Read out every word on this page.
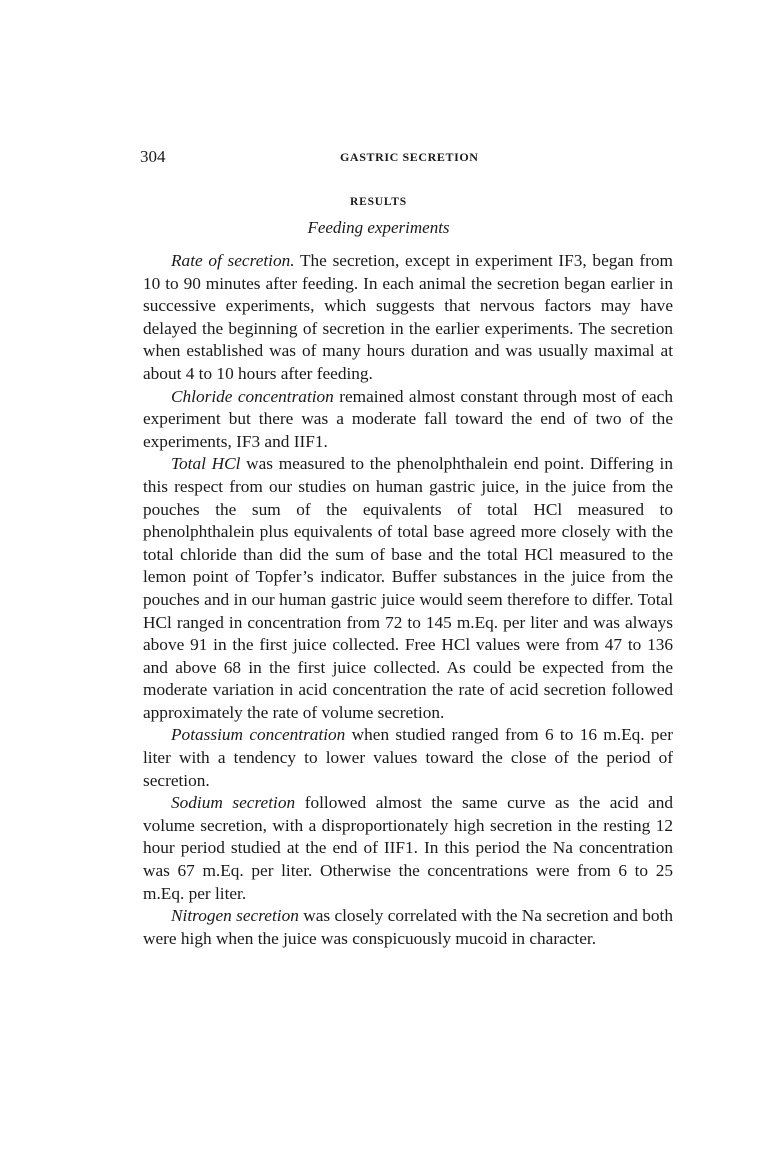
304	GASTRIC SECRETION
RESULTS
Feeding experiments

Rate of secretion. The secretion, except in experiment IF3, began from 10 to 90 minutes after feeding. In each animal the secretion began earlier in successive experiments, which suggests that nervous factors may have delayed the beginning of secretion in the earlier experiments. The secretion when established was of many hours duration and was usually maximal at about 4 to 10 hours after feeding.

Chloride concentration remained almost constant through most of each experiment but there was a moderate fall toward the end of two of the experiments, IF3 and IIF1.

Total HCl was measured to the phenolphthalein end point. Differing in this respect from our studies on human gastric juice, in the juice from the pouches the sum of the equivalents of total HCl measured to phenolphthalein plus equivalents of total base agreed more closely with the total chloride than did the sum of base and the total HCl measured to the lemon point of Topfer’s indicator. Buffer substances in the juice from the pouches and in our human gastric juice would seem therefore to differ. Total HCl ranged in concentration from 72 to 145 m.Eq. per liter and was always above 91 in the first juice collected. Free HCl values were from 47 to 136 and above 68 in the first juice collected. As could be expected from the moderate variation in acid concentration the rate of acid secretion followed approximately the rate of volume secretion.

Potassium concentration when studied ranged from 6 to 16 m.Eq. per liter with a tendency to lower values toward the close of the period of secretion.

Sodium secretion followed almost the same curve as the acid and volume secretion, with a disproportionately high secretion in the resting 12 hour period studied at the end of IIF1. In this period the Na concentration was 67 m.Eq. per liter. Otherwise the concentrations were from 6 to 25 m.Eq. per liter.

Nitrogen secretion was closely correlated with the Na secretion and both were high when the juice was conspicuously mucoid in character.
